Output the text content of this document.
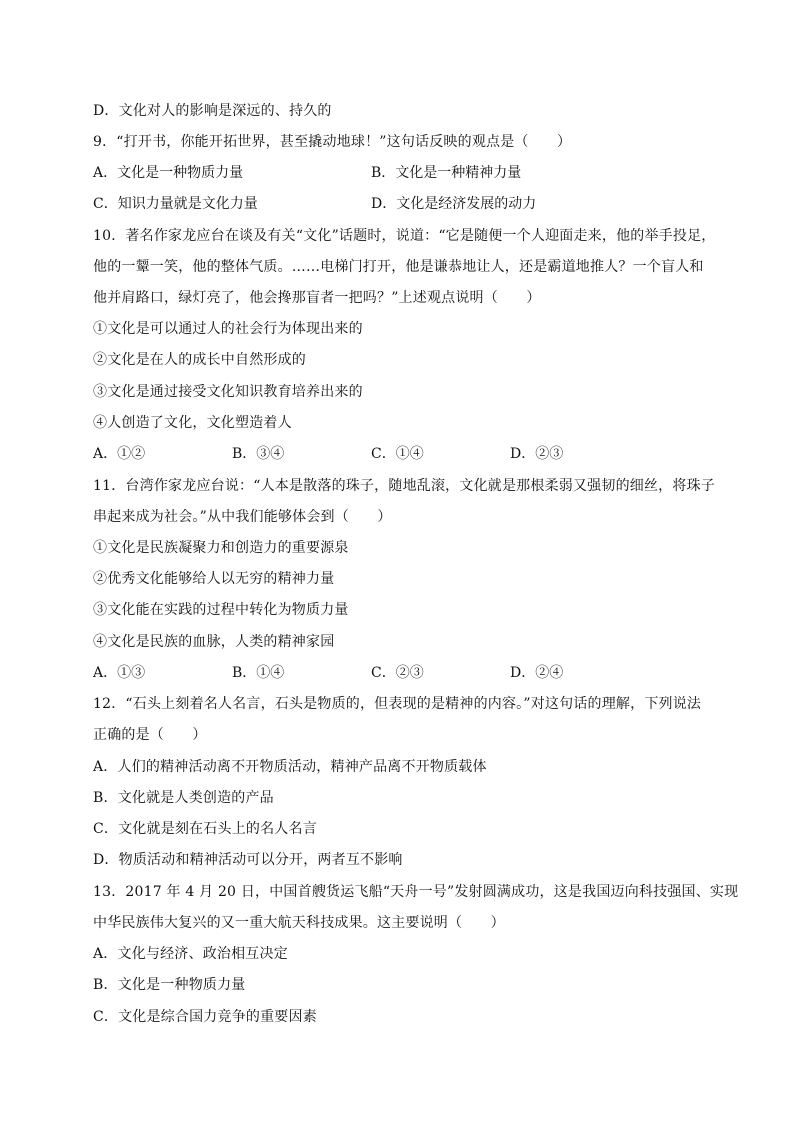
D．文化对人的影响是深远的、持久的
9．“打开书，你能开拓世界，甚至撬动地球！”这句话反映的观点是（　　）
A．文化是一种物质力量	B．文化是一种精神力量
C．知识力量就是文化力量	D．文化是经济发展的动力
10．著名作家龙应台在谈及有关“文化”话题时，说道：“它是随便一个人迎面走来，他的举手投足，
他的一颦一笑，他的整体气质。……电梯门打开，他是谦恭地让人，还是霸道地推人？一个盲人和
他并肩路口，绿灯亮了，他会搀那盲者一把吗？”上述观点说明（　　）
①文化是可以通过人的社会行为体现出来的
②文化是在人的成长中自然形成的
③文化是通过接受文化知识教育培养出来的
④人创造了文化，文化塑造着人
A．①②	B．③④	C．①④	D．②③
11．台湾作家龙应台说：“人本是散落的珠子，随地乱滚，文化就是那根柔弱又强韧的细丝，将珠子
串起来成为社会。”从中我们能够体会到（　　）
①文化是民族凝聚力和创造力的重要源泉
②优秀文化能够给人以无穷的精神力量
③文化能在实践的过程中转化为物质力量
④文化是民族的血脉，人类的精神家园
A．①③	B．①④	C．②③	D．②④
12．“石头上刻着名人名言，石头是物质的，但表现的是精神的内容。”对这句话的理解，下列说法
正确的是（　　）
A．人们的精神活动离不开物质活动，精神产品离不开物质载体
B．文化就是人类创造的产品
C．文化就是刻在石头上的名人名言
D．物质活动和精神活动可以分开，两者互不影响
13．2017 年 4 月 20 日，中国首艘货运飞船“天舟一号”发射圆满成功，这是我国迈向科技强国、实现
中华民族伟大复兴的又一重大航天科技成果。这主要说明（　　）
A．文化与经济、政治相互决定
B．文化是一种物质力量
C．文化是综合国力竞争的重要因素
